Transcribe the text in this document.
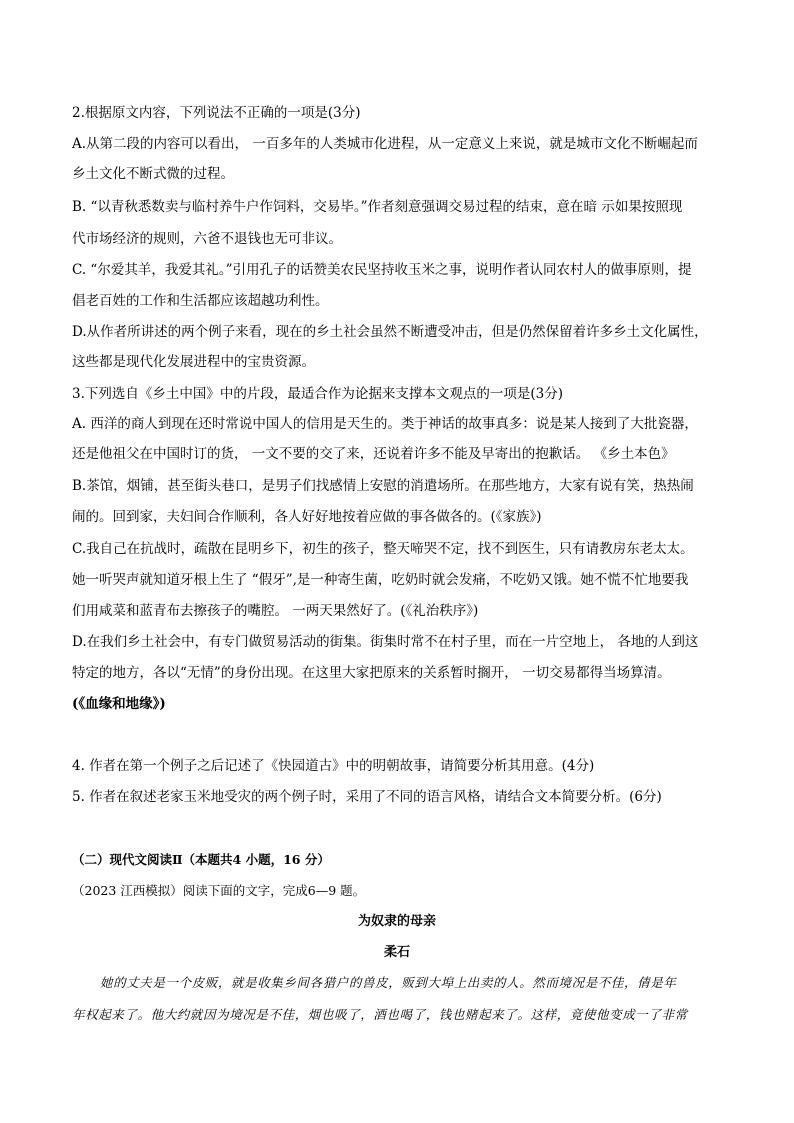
2.根据原文内容，下列说法不正确的一项是(3分)
A.从第二段的内容可以看出， 一百多年的人类城市化进程，从一定意义上来说，就是城市文化不断崛起而
乡土文化不断式微的过程。
B. “以青秋悉数卖与临村养牛户作饲料，交易毕。”作者刻意强调交易过程的结束，意在暗 示如果按照现
代市场经济的规则，六爸不退钱也无可非议。
C. “尔爱其羊，我爱其礼。”引用孔子的话赞美农民坚持收玉米之事，说明作者认同农村人的做事原则，提
倡老百姓的工作和生活都应该超越功利性。
D.从作者所讲述的两个例子来看，现在的乡土社会虽然不断遭受冲击，但是仍然保留着许多乡土文化属性，
这些都是现代化发展进程中的宝贵资源。
3.下列选自《乡土中国》中的片段，最适合作为论据来支撑本文观点的一项是(3分)
A. 西洋的商人到现在还时常说中国人的信用是天生的。类于神话的故事真多：说是某人接到了大批瓷器，
还是他祖父在中国时订的货， 一文不要的交了来，还说着许多不能及早寄出的抱歉话。 《乡土本色》
B.茶馆，烟铺，甚至街头巷口，是男子们找感情上安慰的消遣场所。在那些地方，大家有说有笑，热热闹
闹的。回到家，夫妇间合作顺利，各人好好地按着应做的事各做各的。(《家族》)
C.我自己在抗战时，疏散在昆明乡下，初生的孩子，整天啼哭不定，找不到医生，只有请教房东老太太。
她一听哭声就知道牙根上生了 “假牙”,是一种寄生菌，吃奶时就会发痛，不吃奶又饿。她不慌不忙地要我
们用咸菜和蓝青布去擦孩子的嘴腔。 一两天果然好了。(《礼治秩序》)
D.在我们乡土社会中，有专门做贸易活动的街集。街集时常不在村子里，而在一片空地上， 各地的人到这
特定的地方，各以“无情”的身份出现。在这里大家把原来的关系暂时搁开， 一切交易都得当场算清。
(《血缘和地缘》)
4. 作者在第一个例子之后记述了《快园道古》中的明朝故事，请简要分析其用意。(4分)
5. 作者在叙述老家玉米地受灾的两个例子时，采用了不同的语言风格，请结合文本简要分析。(6分)
（二）现代文阅读Ⅱ（本题共4 小题，16 分）
（2023 江西模拟）阅读下面的文字，完成6—9 题。
为奴隶的母亲
柔石
她的丈夫是一个皮贩，就是收集乡间各猎户的兽皮，贩到大埠上出卖的人。然而境况是不佳，倩是年
年权起来了。他大约就因为境况是不佳，烟也吸了，酒也喝了，钱也赌起来了。这样，竟使他变成一了非常
